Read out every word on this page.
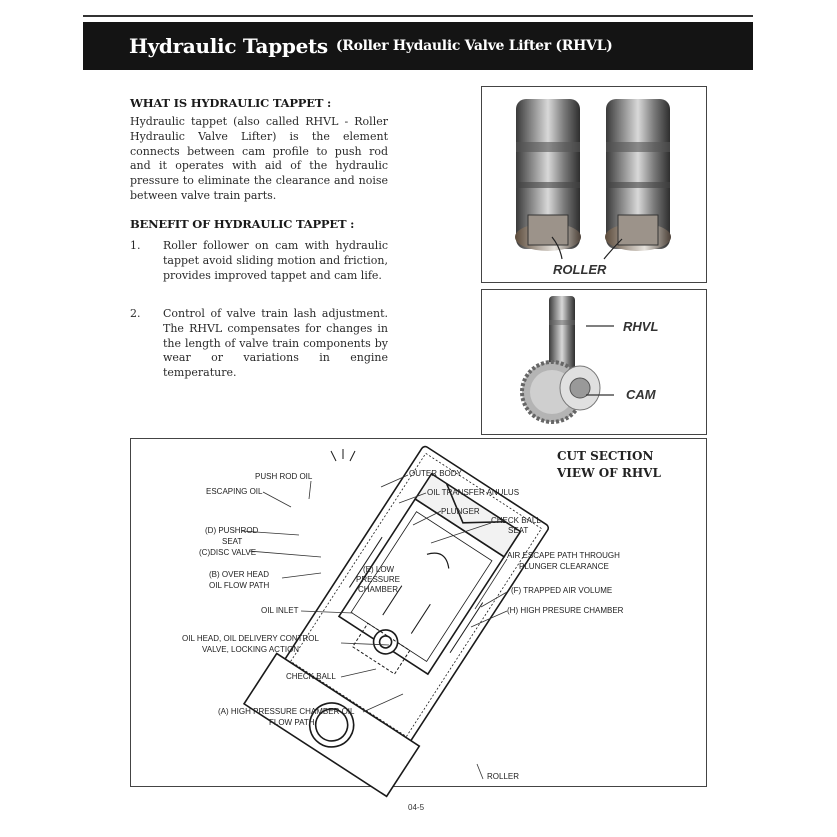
Hydraulic Tappets (Roller Hydaulic Valve Lifter (RHVL)
WHAT IS HYDRAULIC TAPPET :

Hydraulic tappet (also called RHVL - Roller Hydraulic Valve Lifter) is the element connects between cam profile to push rod and it operates with aid of the hydraulic pressure to eliminate the clearance and noise between valve train parts.

BENEFIT OF HYDRAULIC TAPPET :
1. Roller follower on cam with hydraulic tappet avoid sliding motion and friction, provides improved tappet and cam life.
2. Control of valve train lash adjustment. The RHVL compensates for changes in the length of valve train components by wear or variations in engine temperature.
ROLLER
RHVL
CAM
CUT SECTION
VIEW OF RHVL
PUSH ROD OIL
ESCAPING OIL
OUTER BODY
OIL TRANSFER ANULUS
PLUNGER
CHECK BALL
SEAT
(D) PUSHROD
SEAT
(C)DISC VALVE	AIR ESCAPE PATH THROUGH
PLUNGER CLEARANCE
(E) LOW
PRESSURE
CHAMBER
(B) OVER HEAD
OIL FLOW PATH
(F) TRAPPED AIR VOLUME
OIL INLET	(H) HIGH PRESURE CHAMBER
OIL HEAD, OIL DELIVERY CONTROL
VALVE, LOCKING ACTION
CHECK BALL
(A) HIGH PRESSURE CHAMBER OIL
FLOW PATH
ROLLER
04-5
